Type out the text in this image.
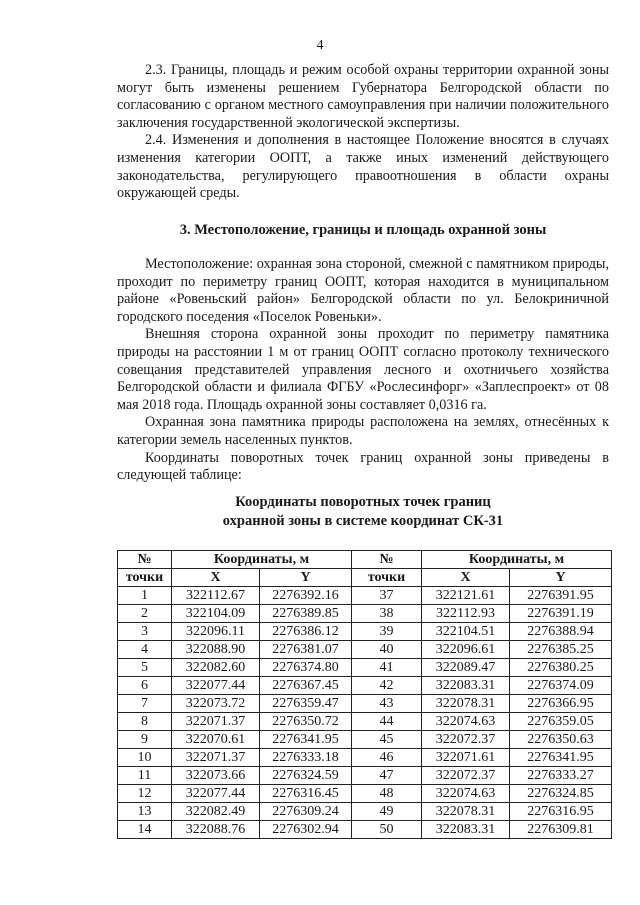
4

2.3. Границы, площадь и режим особой охраны территории охранной зоны могут быть изменены решением Губернатора Белгородской области по согласованию с органом местного самоуправления при наличии положительного заключения государственной экологической экспертизы.

2.4. Изменения и дополнения в настоящее Положение вносятся в случаях изменения категории ООПТ, а также иных изменений действующего законодательства, регулирующего правоотношения в области охраны окружающей среды.

3. Местоположение, границы и площадь охранной зоны

Местоположение: охранная зона стороной, смежной с памятником природы, проходит по периметру границ ООПТ, которая находится в муниципальном районе «Ровеньский район» Белгородской области по ул. Белокриничной городского поседения «Поселок Ровеньки».

Внешняя сторона охранной зоны проходит по периметру памятника природы на расстоянии 1 м от границ ООПТ согласно протоколу технического совещания представителей управления лесного и охотничьего хозяйства Белгородской области и филиала ФГБУ «Рослесинфорг» «Заплеспроект» от 08 мая 2018 года. Площадь охранной зоны составляет 0,0316 га.

Охранная зона памятника природы расположена на землях, отнесённых к категории земель населенных пунктов.

Координаты поворотных точек границ охранной зоны приведены в следующей таблице:

Координаты поворотных точек границ
охранной зоны в системе координат СК-31
№	Координаты, м		№	Координаты, м	
точки	X	Y	точки	X	Y
1	322112.67	2276392.16	37	322121.61	2276391.95
2	322104.09	2276389.85	38	322112.93	2276391.19
3	322096.11	2276386.12	39	322104.51	2276388.94
4	322088.90	2276381.07	40	322096.61	2276385.25
5	322082.60	2276374.80	41	322089.47	2276380.25
6	322077.44	2276367.45	42	322083.31	2276374.09
7	322073.72	2276359.47	43	322078.31	2276366.95
8	322071.37	2276350.72	44	322074.63	2276359.05
9	322070.61	2276341.95	45	322072.37	2276350.63
10	322071.37	2276333.18	46	322071.61	2276341.95
11	322073.66	2276324.59	47	322072.37	2276333.27
12	322077.44	2276316.45	48	322074.63	2276324.85
13	322082.49	2276309.24	49	322078.31	2276316.95
14	322088.76	2276302.94	50	322083.31	2276309.81
